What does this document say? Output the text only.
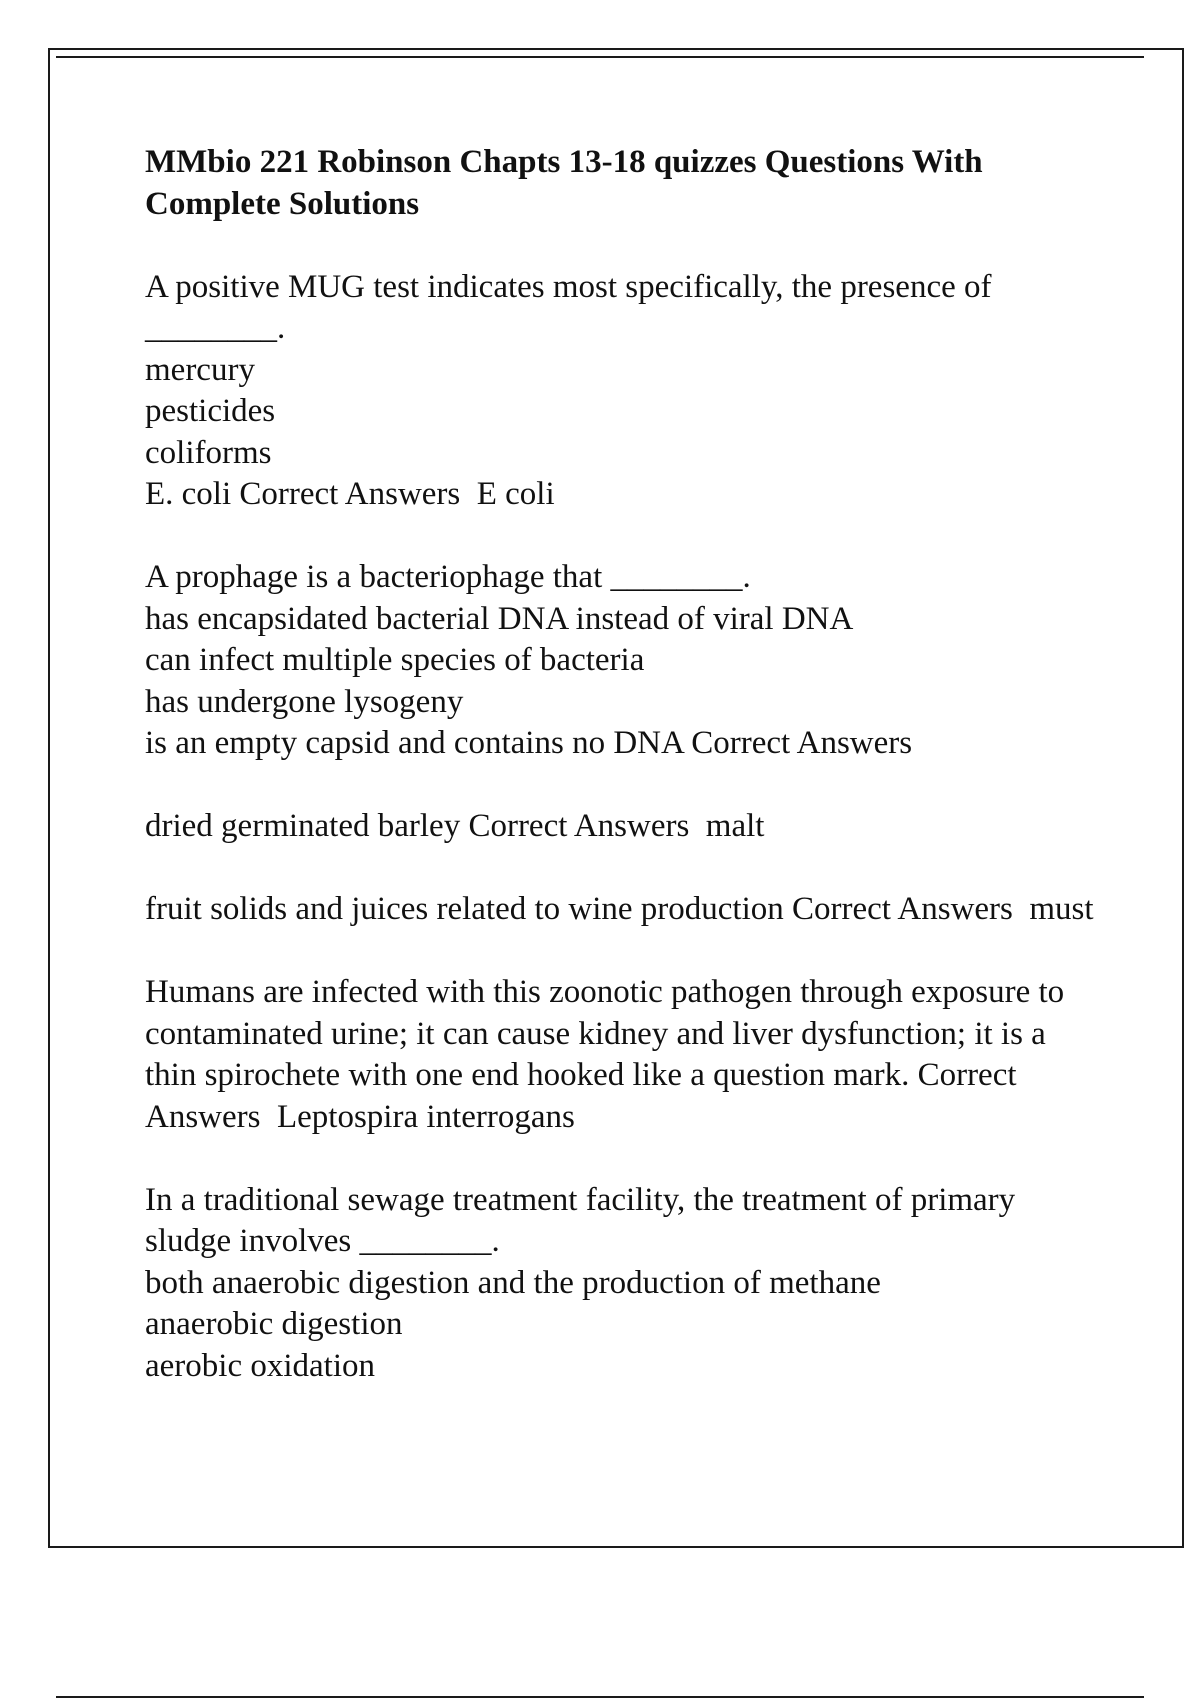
MMbio 221 Robinson Chapts 13-18 quizzes Questions With Complete Solutions
A positive MUG test indicates most specifically, the presence of ________.
mercury
pesticides
coliforms
E. coli Correct Answers  E coli
A prophage is a bacteriophage that ________.
has encapsidated bacterial DNA instead of viral DNA
can infect multiple species of bacteria
has undergone lysogeny
is an empty capsid and contains no DNA Correct Answers
dried germinated barley Correct Answers  malt
fruit solids and juices related to wine production Correct Answers  must
Humans are infected with this zoonotic pathogen through exposure to contaminated urine; it can cause kidney and liver dysfunction; it is a thin spirochete with one end hooked like a question mark. Correct Answers  Leptospira interrogans
In a traditional sewage treatment facility, the treatment of primary sludge involves ________.
both anaerobic digestion and the production of methane
anaerobic digestion
aerobic oxidation
